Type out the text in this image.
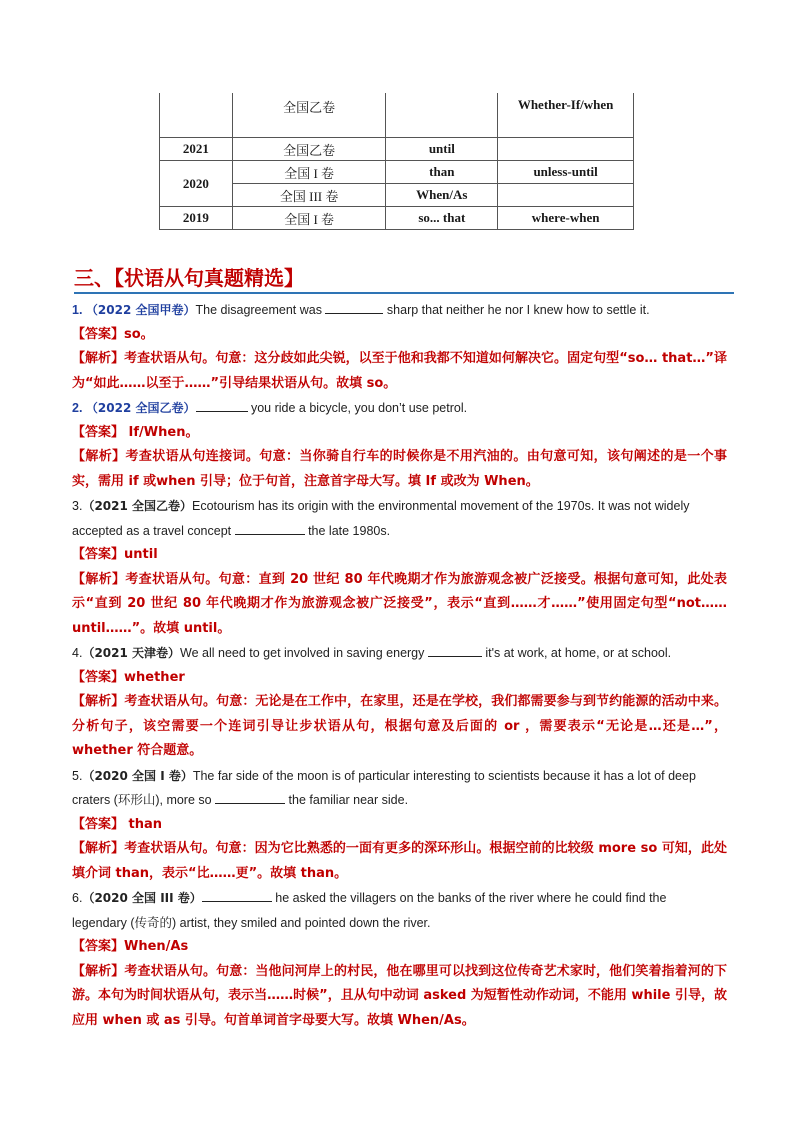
	全国乙卷		Whether-If/when
2021	全国乙卷	until	
2020	全国 I 卷	than	unless-until
	全国 III 卷	When/As	
2019	全国 I 卷	so... that	where-when
三、【状语从句真题精选】
1. （2022 全国甲卷）The disagreement was	sharp that neither he nor I knew how to settle it.
【答案】so。
【解析】考查状语从句。句意：这分歧如此尖锐，以至于他和我都不知道如何解决它。固定句型“so… that…”译为“如此……以至于……”引导结果状语从句。故填 so。
2. （2022 全国乙卷）	you ride a bicycle, you don’t use petrol.
【答案】 If/When。
【解析】考查状语从句连接词。句意：当你骑自行车的时候你是不用汽油的。由句意可知，该句阐述的是一个事实，需用 if 或when 引导；位于句首，注意首字母大写。填 If 或改为 When。
3.（2021 全国乙卷）Ecotourism has its origin with the environmental movement of the 1970s. It was not widely
accepted as a travel concept	the late 1980s.
【答案】until
【解析】考查状语从句。句意：直到 20 世纪 80 年代晚期才作为旅游观念被广泛接受。根据句意可知，此处表示“直到 20 世纪 80 年代晚期才作为旅游观念被广泛接受”，表示“直到……才……”使用固定句型“not……until……”。故填 until。
4.（2021 天津卷）We all need to get involved in saving energy	it's at work, at home, or at school.
【答案】whether
【解析】考查状语从句。句意：无论是在工作中，在家里，还是在学校，我们都需要参与到节约能源的活动中来。分析句子，该空需要一个连词引导让步状语从句，根据句意及后面的 or ，需要表示“无论是…还是…”，whether 符合题意。
5.（2020 全国 I 卷）The far side of the moon is of particular interesting to scientists because it has a lot of deep
craters (环形山), more so	the familiar near side.
【答案】 than
【解析】考查状语从句。句意：因为它比熟悉的一面有更多的深环形山。根据空前的比较级 more so 可知，此处填介词 than，表示“比……更”。故填 than。
6.（2020 全国 III 卷）	he asked the villagers on the banks of the river where he could find the
legendary (传奇的) artist, they smiled and pointed down the river.
【答案】When/As
【解析】考查状语从句。句意：当他问河岸上的村民，他在哪里可以找到这位传奇艺术家时，他们笑着指着河的下游。本句为时间状语从句，表示当……时候”，且从句中动词 asked 为短暂性动作动词，不能用 while 引导，故应用 when 或 as 引导。句首单词首字母要大写。故填 When/As。
